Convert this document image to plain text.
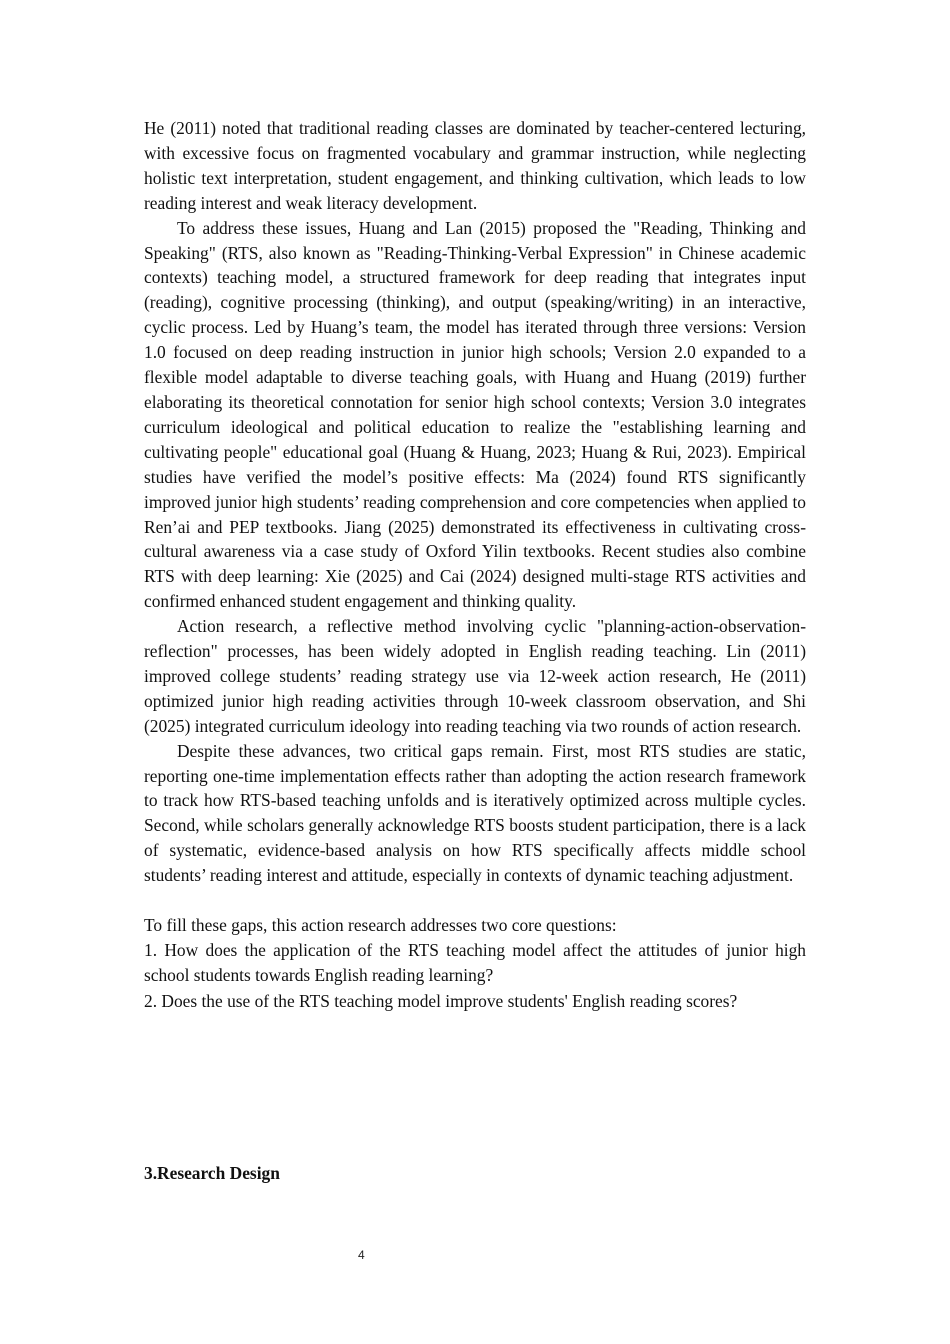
He (2011) noted that traditional reading classes are dominated by teacher-centered lecturing, with excessive focus on fragmented vocabulary and grammar instruction, while neglecting holistic text interpretation, student engagement, and thinking cultivation, which leads to low reading interest and weak literacy development.

To address these issues, Huang and Lan (2015) proposed the "Reading, Thinking and Speaking" (RTS, also known as "Reading-Thinking-Verbal Expression" in Chinese academic contexts) teaching model, a structured framework for deep reading that integrates input (reading), cognitive processing (thinking), and output (speaking/writing) in an interactive, cyclic process. Led by Huang’s team, the model has iterated through three versions: Version 1.0 focused on deep reading instruction in junior high schools; Version 2.0 expanded to a flexible model adaptable to diverse teaching goals, with Huang and Huang (2019) further elaborating its theoretical connotation for senior high school contexts; Version 3.0 integrates curriculum ideological and political education to realize the "establishing learning and cultivating people" educational goal (Huang & Huang, 2023; Huang & Rui, 2023). Empirical studies have verified the model’s positive effects: Ma (2024) found RTS significantly improved junior high students’ reading comprehension and core competencies when applied to Ren’ai and PEP textbooks. Jiang (2025) demonstrated its effectiveness in cultivating cross-cultural awareness via a case study of Oxford Yilin textbooks. Recent studies also combine RTS with deep learning: Xie (2025) and Cai (2024) designed multi-stage RTS activities and confirmed enhanced student engagement and thinking quality.

Action research, a reflective method involving cyclic "planning-action-observation-reflection" processes, has been widely adopted in English reading teaching. Lin (2011) improved college students’ reading strategy use via 12-week action research, He (2011) optimized junior high reading activities through 10-week classroom observation, and Shi (2025) integrated curriculum ideology into reading teaching via two rounds of action research.

Despite these advances, two critical gaps remain. First, most RTS studies are static, reporting one-time implementation effects rather than adopting the action research framework to track how RTS-based teaching unfolds and is iteratively optimized across multiple cycles. Second, while scholars generally acknowledge RTS boosts student participation, there is a lack of systematic, evidence-based analysis on how RTS specifically affects middle school students’ reading interest and attitude, especially in contexts of dynamic teaching adjustment.

To fill these gaps, this action research addresses two core questions:

1. How does the application of the RTS teaching model affect the attitudes of junior high school students towards English reading learning?

2. Does the use of the RTS teaching model improve students' English reading scores?

3.Research Design
4
